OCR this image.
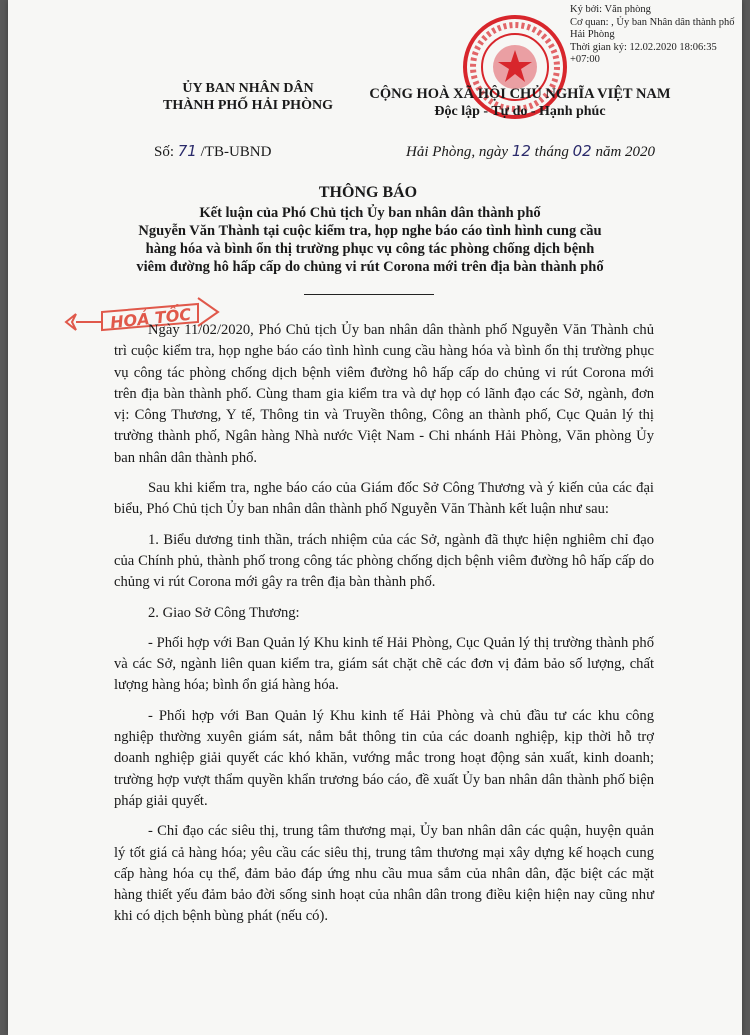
Ký bởi: Văn phòng
Cơ quan: , Ủy ban Nhân dân thành phố Hải Phòng
Thời gian ký: 12.02.2020 18:06:35 +07:00
ỦY BAN NHÂN DÂN
THÀNH PHỐ HẢI PHÒNG
CỘNG HOÀ XÃ HỘI CHỦ NGHĨA VIỆT NAM
Độc lập - Tự do - Hạnh phúc
Số: 71 /TB-UBND	Hải Phòng, ngày 12 tháng 02 năm 2020
THÔNG BÁO
Kết luận của Phó Chủ tịch Ủy ban nhân dân thành phố
Nguyễn Văn Thành tại cuộc kiểm tra, họp nghe báo cáo tình hình cung cầu
hàng hóa và bình ổn thị trường phục vụ công tác phòng chống dịch bệnh
viêm đường hô hấp cấp do chủng vi rút Corona mới trên địa bàn thành phố
HOẢ TỐC

Ngày 11/02/2020, Phó Chủ tịch Ủy ban nhân dân thành phố Nguyễn Văn Thành chủ trì cuộc kiểm tra, họp nghe báo cáo tình hình cung cầu hàng hóa và bình ổn thị trường phục vụ công tác phòng chống dịch bệnh viêm đường hô hấp cấp do chủng vi rút Corona mới trên địa bàn thành phố. Cùng tham gia kiểm tra và dự họp có lãnh đạo các Sở, ngành, đơn vị: Công Thương, Y tế, Thông tin và Truyền thông, Công an thành phố, Cục Quản lý thị trường thành phố, Ngân hàng Nhà nước Việt Nam - Chi nhánh Hải Phòng, Văn phòng Ủy ban nhân dân thành phố.

Sau khi kiểm tra, nghe báo cáo của Giám đốc Sở Công Thương và ý kiến của các đại biểu, Phó Chủ tịch Ủy ban nhân dân thành phố Nguyễn Văn Thành kết luận như sau:

1. Biểu dương tinh thần, trách nhiệm của các Sở, ngành đã thực hiện nghiêm chỉ đạo của Chính phủ, thành phố trong công tác phòng chống dịch bệnh viêm đường hô hấp cấp do chủng vi rút Corona mới gây ra trên địa bàn thành phố.

2. Giao Sở Công Thương:

- Phối hợp với Ban Quản lý Khu kinh tế Hải Phòng, Cục Quản lý thị trường thành phố và các Sở, ngành liên quan kiểm tra, giám sát chặt chẽ các đơn vị đảm bảo số lượng, chất lượng hàng hóa; bình ổn giá hàng hóa.

- Phối hợp với Ban Quản lý Khu kinh tế Hải Phòng và chủ đầu tư các khu công nghiệp thường xuyên giám sát, nắm bắt thông tin của các doanh nghiệp, kịp thời hỗ trợ doanh nghiệp giải quyết các khó khăn, vướng mắc trong hoạt động sản xuất, kinh doanh; trường hợp vượt thẩm quyền khẩn trương báo cáo, đề xuất Ủy ban nhân dân thành phố biện pháp giải quyết.

- Chỉ đạo các siêu thị, trung tâm thương mại, Ủy ban nhân dân các quận, huyện quản lý tốt giá cả hàng hóa; yêu cầu các siêu thị, trung tâm thương mại xây dựng kế hoạch cung cấp hàng hóa cụ thể, đảm bảo đáp ứng nhu cầu mua sắm của nhân dân, đặc biệt các mặt hàng thiết yếu đảm bảo đời sống sinh hoạt của nhân dân trong điều kiện hiện nay cũng như khi có dịch bệnh bùng phát (nếu có).
